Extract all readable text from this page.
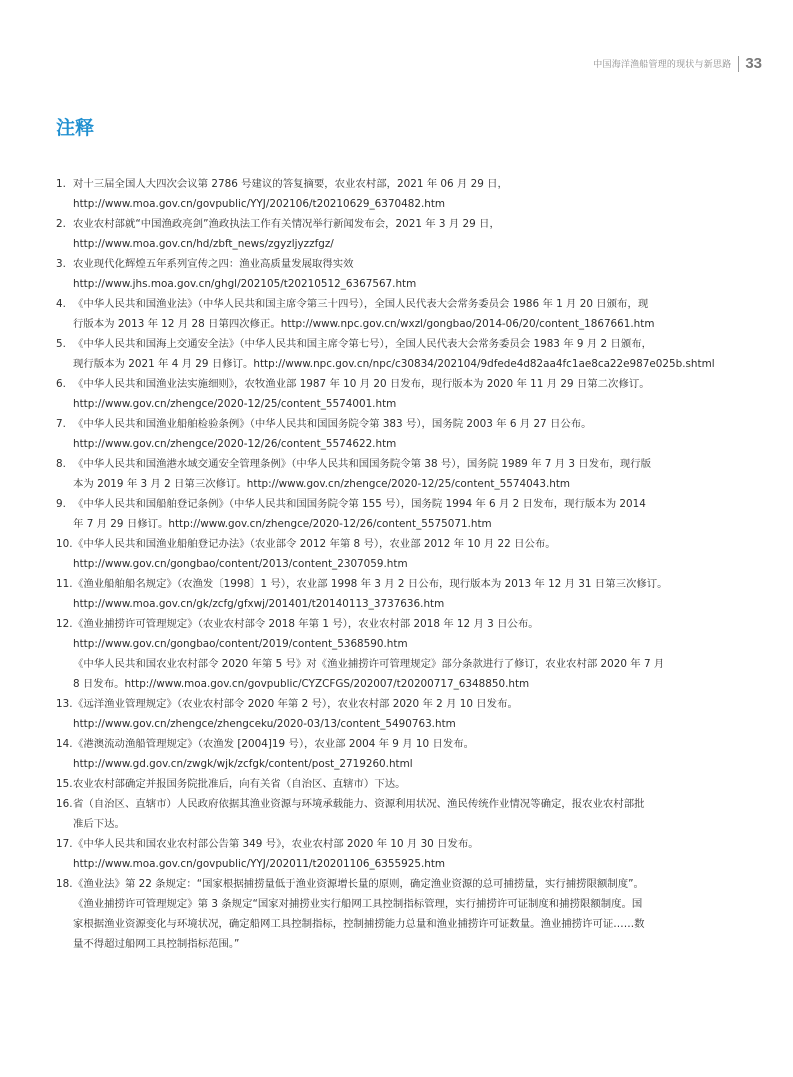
中国海洋渔船管理的现状与新思路 33
注释
1. 对十三届全国人大四次会议第 2786 号建议的答复摘要，农业农村部，2021 年 06 月 29 日，
http://www.moa.gov.cn/govpublic/YYJ/202106/t20210629_6370482.htm
2. 农业农村部就“中国渔政亮剑”渔政执法工作有关情况举行新闻发布会，2021 年 3 月 29 日，
http://www.moa.gov.cn/hd/zbft_news/zgyzljyzzfgz/
3. 农业现代化辉煌五年系列宣传之四：渔业高质量发展取得实效
http://www.jhs.moa.gov.cn/ghgl/202105/t20210512_6367567.htm
4. 《中华人民共和国渔业法》（中华人民共和国主席令第三十四号），全国人民代表大会常务委员会 1986 年 1 月 20 日颁布，现
行版本为 2013 年 12 月 28 日第四次修正。http://www.npc.gov.cn/wxzl/gongbao/2014-06/20/content_1867661.htm
5. 《中华人民共和国海上交通安全法》（中华人民共和国主席令第七号），全国人民代表大会常务委员会 1983 年 9 月 2 日颁布，
现行版本为 2021 年 4 月 29 日修订。http://www.npc.gov.cn/npc/c30834/202104/9dfede4d82aa4fc1ae8ca22e987e025b.shtml
6. 《中华人民共和国渔业法实施细则》，农牧渔业部 1987 年 10 月 20 日发布，现行版本为 2020 年 11 月 29 日第二次修订。
http://www.gov.cn/zhengce/2020-12/25/content_5574001.htm
7. 《中华人民共和国渔业船舶检验条例》（中华人民共和国国务院令第 383 号），国务院 2003 年 6 月 27 日公布。
http://www.gov.cn/zhengce/2020-12/26/content_5574622.htm
8. 《中华人民共和国渔港水域交通安全管理条例》（中华人民共和国国务院令第 38 号），国务院 1989 年 7 月 3 日发布，现行版
本为 2019 年 3 月 2 日第三次修订。http://www.gov.cn/zhengce/2020-12/25/content_5574043.htm
9. 《中华人民共和国船舶登记条例》（中华人民共和国国务院令第 155 号），国务院 1994 年 6 月 2 日发布，现行版本为 2014
年 7 月 29 日修订。http://www.gov.cn/zhengce/2020-12/26/content_5575071.htm
10. 《中华人民共和国渔业船舶登记办法》（农业部令 2012 年第 8 号），农业部 2012 年 10 月 22 日公布。
http://www.gov.cn/gongbao/content/2013/content_2307059.htm
11. 《渔业船舶船名规定》（农渔发〔1998〕1 号），农业部 1998 年 3 月 2 日公布，现行版本为 2013 年 12 月 31 日第三次修订。
http://www.moa.gov.cn/gk/zcfg/gfxwj/201401/t20140113_3737636.htm
12. 《渔业捕捞许可管理规定》（农业农村部令 2018 年第 1 号），农业农村部 2018 年 12 月 3 日公布。
http://www.gov.cn/gongbao/content/2019/content_5368590.htm
《中华人民共和国农业农村部令 2020 年第 5 号》对《渔业捕捞许可管理规定》部分条款进行了修订，农业农村部 2020 年 7 月
8 日发布。http://www.moa.gov.cn/govpublic/CYZCFGS/202007/t20200717_6348850.htm
13. 《远洋渔业管理规定》（农业农村部令 2020 年第 2 号），农业农村部 2020 年 2 月 10 日发布。
http://www.gov.cn/zhengce/zhengceku/2020-03/13/content_5490763.htm
14. 《港澳流动渔船管理规定》（农渔发 [2004]19 号），农业部 2004 年 9 月 10 日发布。
http://www.gd.gov.cn/zwgk/wjk/zcfgk/content/post_2719260.html
15. 农业农村部确定并报国务院批准后，向有关省（自治区、直辖市）下达。
16. 省（自治区、直辖市）人民政府依据其渔业资源与环境承载能力、资源利用状况、渔民传统作业情况等确定，报农业农村部批
准后下达。
17. 《中华人民共和国农业农村部公告第 349 号》，农业农村部 2020 年 10 月 30 日发布。
http://www.moa.gov.cn/govpublic/YYJ/202011/t20201106_6355925.htm
18. 《渔业法》第 22 条规定：“国家根据捕捞量低于渔业资源增长量的原则，确定渔业资源的总可捕捞量，实行捕捞限额制度”。
《渔业捕捞许可管理规定》第 3 条规定“国家对捕捞业实行船网工具控制指标管理，实行捕捞许可证制度和捕捞限额制度。国
家根据渔业资源变化与环境状况，确定船网工具控制指标，控制捕捞能力总量和渔业捕捞许可证数量。渔业捕捞许可证……数
量不得超过船网工具控制指标范围。”
